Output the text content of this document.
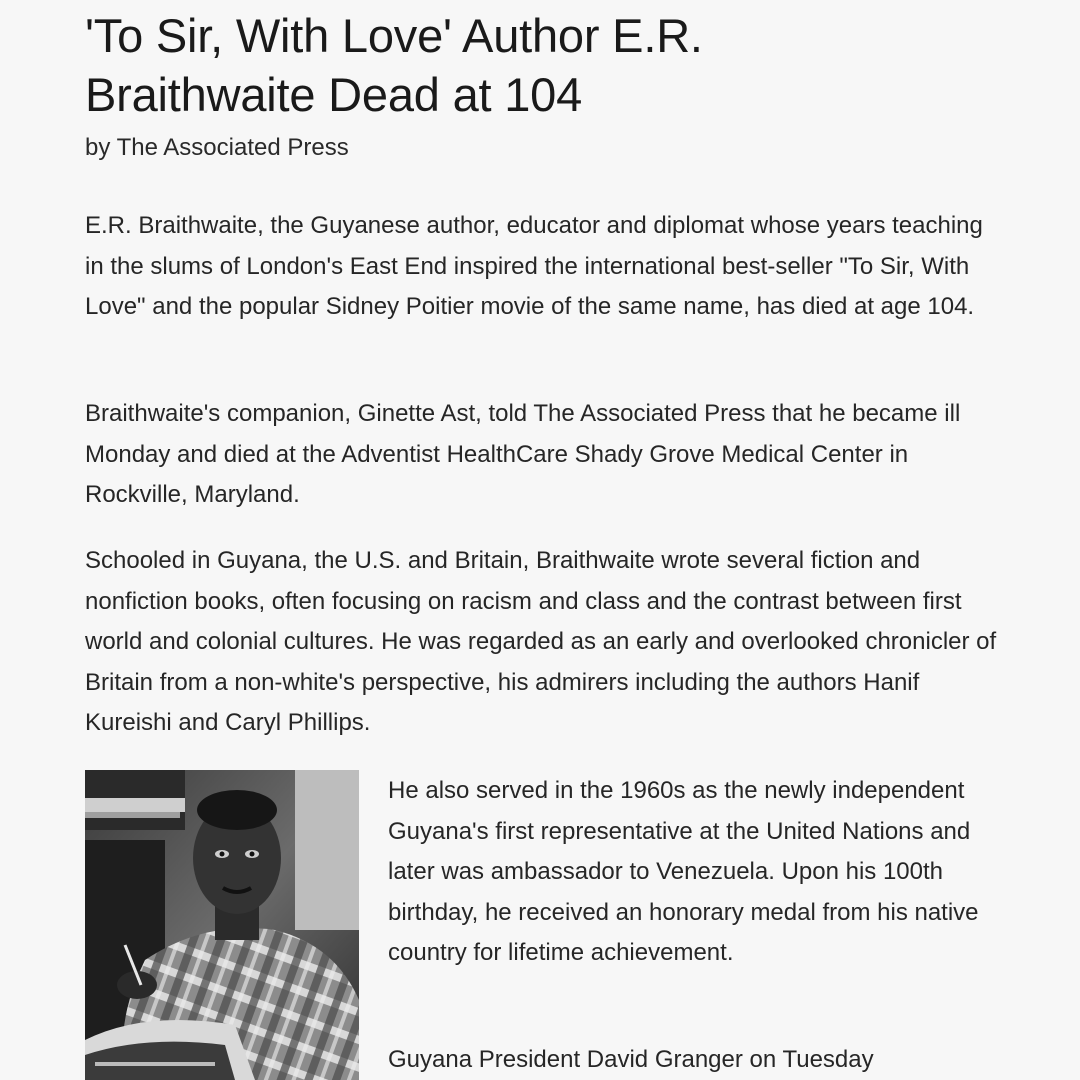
'To Sir, With Love' Author E.R. Braithwaite Dead at 104

by The Associated Press

E.R. Braithwaite, the Guyanese author, educator and diplomat whose years teaching in the slums of London's East End inspired the international best-seller "To Sir, With Love" and the popular Sidney Poitier movie of the same name, has died at age 104.

Braithwaite's companion, Ginette Ast, told The Associated Press that he became ill Monday and died at the Adventist HealthCare Shady Grove Medical Center in Rockville, Maryland.

Schooled in Guyana, the U.S. and Britain, Braithwaite wrote several fiction and nonfiction books, often focusing on racism and class and the contrast between first world and colonial cultures. He was regarded as an early and overlooked chronicler of Britain from a non-white's perspective, his admirers including the authors Hanif Kureishi and Caryl Phillips.

He also served in the 1960s as the newly independent Guyana's first representative at the United Nations and later was ambassador to Venezuela. Upon his 100th birthday, he received an honorary medal from his native country for lifetime achievement.

Guyana President David Granger on Tuesday
